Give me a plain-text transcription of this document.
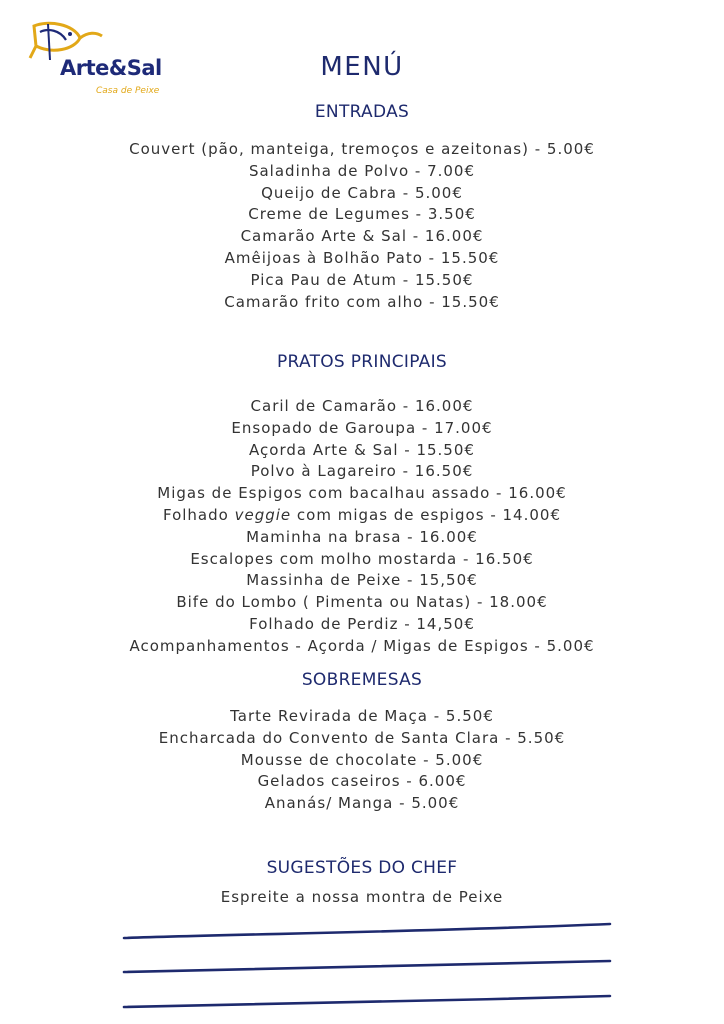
Arte&Sal
Casa de Peixe
MENÚ
ENTRADAS
Couvert (pão, manteiga, tremoços e azeitonas) - 5.00€
Saladinha de Polvo - 7.00€
Queijo de Cabra - 5.00€
Creme de Legumes - 3.50€
Camarão Arte & Sal - 16.00€
Amêijoas à Bolhão Pato - 15.50€
Pica Pau de Atum - 15.50€
Camarão frito com alho - 15.50€
PRATOS PRINCIPAIS
Caril de Camarão - 16.00€
Ensopado de Garoupa - 17.00€
Açorda Arte & Sal - 15.50€
Polvo à Lagareiro - 16.50€
Migas de Espigos com bacalhau assado - 16.00€
Folhado veggie com migas de espigos - 14.00€
Maminha na brasa - 16.00€
Escalopes com molho mostarda - 16.50€
Massinha de Peixe - 15,50€
Bife do Lombo ( Pimenta ou Natas) - 18.00€
Folhado de Perdiz - 14,50€
Acompanhamentos - Açorda / Migas de Espigos - 5.00€
SOBREMESAS
Tarte Revirada de Maça - 5.50€
Encharcada do Convento de Santa Clara - 5.50€
Mousse de chocolate - 5.00€
Gelados caseiros - 6.00€
Ananás/ Manga - 5.00€
SUGESTÕES DO CHEF
Espreite a nossa montra de Peixe
